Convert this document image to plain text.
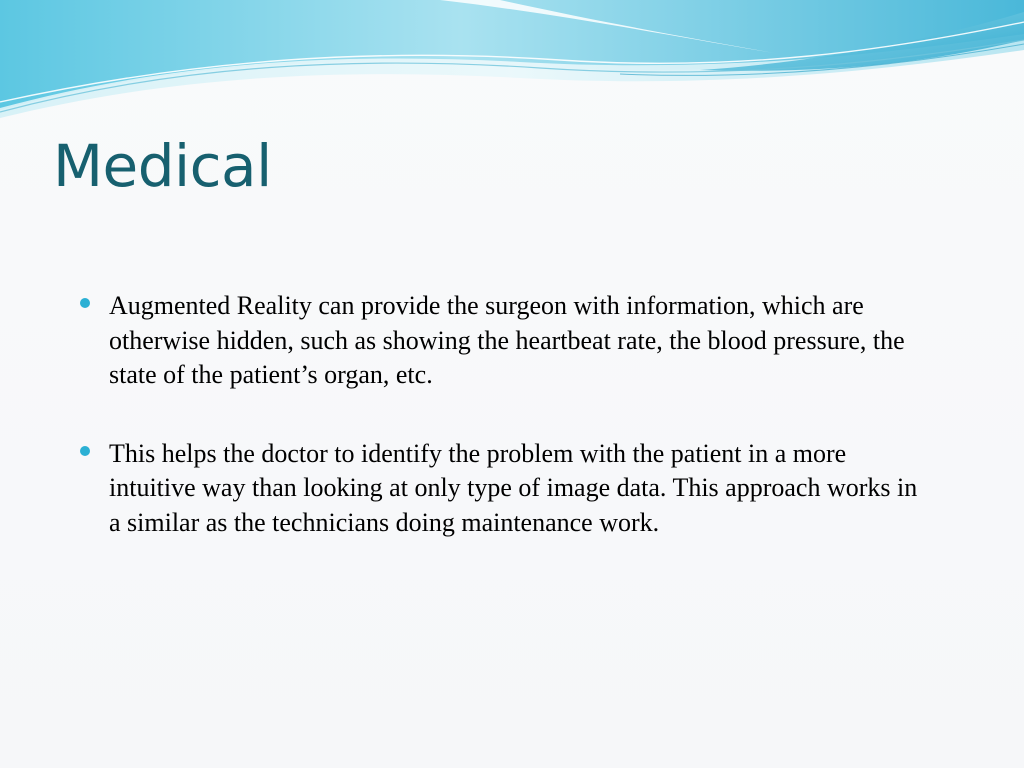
Medical
Augmented Reality can provide the surgeon with information, which are otherwise hidden, such as showing the heartbeat rate, the blood pressure, the state of the patient’s organ, etc.
This helps the doctor to identify the problem with the patient in a more intuitive way than looking at only type of image data. This approach works in a similar as the technicians doing maintenance work.
